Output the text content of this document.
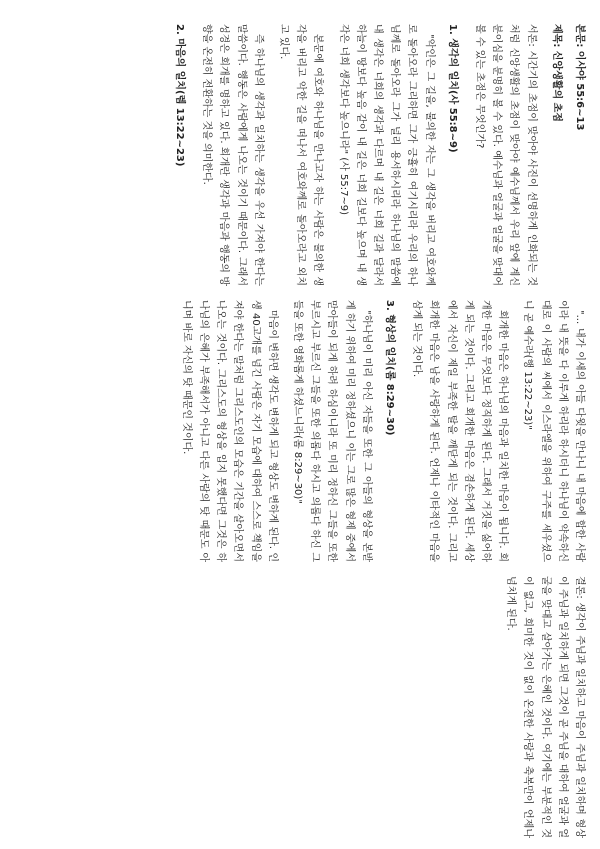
본문: 이사야 55:6~13
제목: 신앙생활의 초점

서론: 시간기의 초점이 맞아야 사진이 선명하게 인화되는 것처럼 신앙생활의 초점이 맞아야 예수님께서 우리 앞에 계신 분이심을 분명히 볼 수 있다. 예수님과 얼굴과 얼굴을 맞대어 볼 수 있는 초점은 무엇인가?

1. 생각의 일치(사 55:8~9)

"악인은 그 길을, 불의한 자는 그 생각을 버리고 여호와께로 돌아오라 그리하면 그가 긍휼히 여기시리라 우리의 하나님께로 돌아오라 그가 널리 용서하시리라 하나님의 말씀에 내 생각은 너희의 생각과 다르며 내 길은 너희 길과 달라서 하늘이 땅보다 높음 같이 내 길은 너희 길보다 높으며 내 생각은 너희 생각보다 높으니라" (사 55:7~9)

본문에 여호와 하나님을 만나고자 하는 사람은 불의한 생각을 버리고 악한 길을 떠나서 여호와께로 돌아오라고 외치고 있다.

즉 하나님의 생각과 일치하는 생각을 우선 가져야 한다는 말씀이다. 행동은 사람에게 나오는 것이기 때문이다. 그래서 성경은 회개를 명하고 있다. 회개란 생각과 마음과 행동의 방향을 온전히 전환하는 것을 의미한다.

2. 마음의 일치(렘 13:22~23)

"... 내가 이새의 아들 다윗을 만나니 내 마음에 합한 사람이라 내 뜻을 다 이루게 하리라 하시더니 하나님이 약속하신 대로 이 사람의 씨에서 이스라엘을 위하여 구주를 세우셨으니 곧 예수라(행 13:22~23)"

회개한 마음은 하나님의 마음과 일치한 마음이 됩니다. 회개한 마음은 무엇보다 정직하게 된다. 그래서 거짓을 싫어하게 되는 것이다. 그리고 회개한 마음은 겸손하게 된다. 세상에서 자신이 제일 부족한 탈을 깨닫게 되는 것이다. 그리고 회개한 마음은 남을 사랑하게 된다. 언제나 이타적인 마음을 삼게 되는 것이다.

3. 형상의 일치(롬 8:29~30)

"하나님이 미리 아신 자들을 또한 그 아들의 형상을 본받게 하기 위하여 미리 정하셨으니 이는 그로 많은 형제 중에서 맏아들이 되게 하려 하심이니라 또 미리 정하신 그들을 또한 부르시고 부르신 그들을 또한 의롭다 하시고 의롭다 하신 그들을 또한 영화롭게 하셨느니라(롬 8:29~30)"

마음이 변하면 생각도 변하게 되고 형상도 변하게 된다. 인생 40고개를 넘긴 사람은 자기 모습에 대하여 스스로 책임을 져야 한다는 말처럼 그리스도인의 모습은 기간을 살아오면서 나오는 것이다. 그리스도의 형상을 입지 못했다면 그것은 하나님의 은혜가 부족해서가 아니고 다른 사람의 탓 때문도 아니며 바로 자신의 탓 때문인 것이다.

결론: 생각이 주님과 일치하고 마음이 주님과 일치하며 형상이 주님과 일치하게 되면 그것이 곧 주님을 대하여 얼굴과 얼굴을 맞대고 살아가는 은혜인 것이다. 여기에는 부분적인 것이 없고, 희미한 것이 없이 온전한 사랑과 축복만이 언제나 넘치게 된다.
